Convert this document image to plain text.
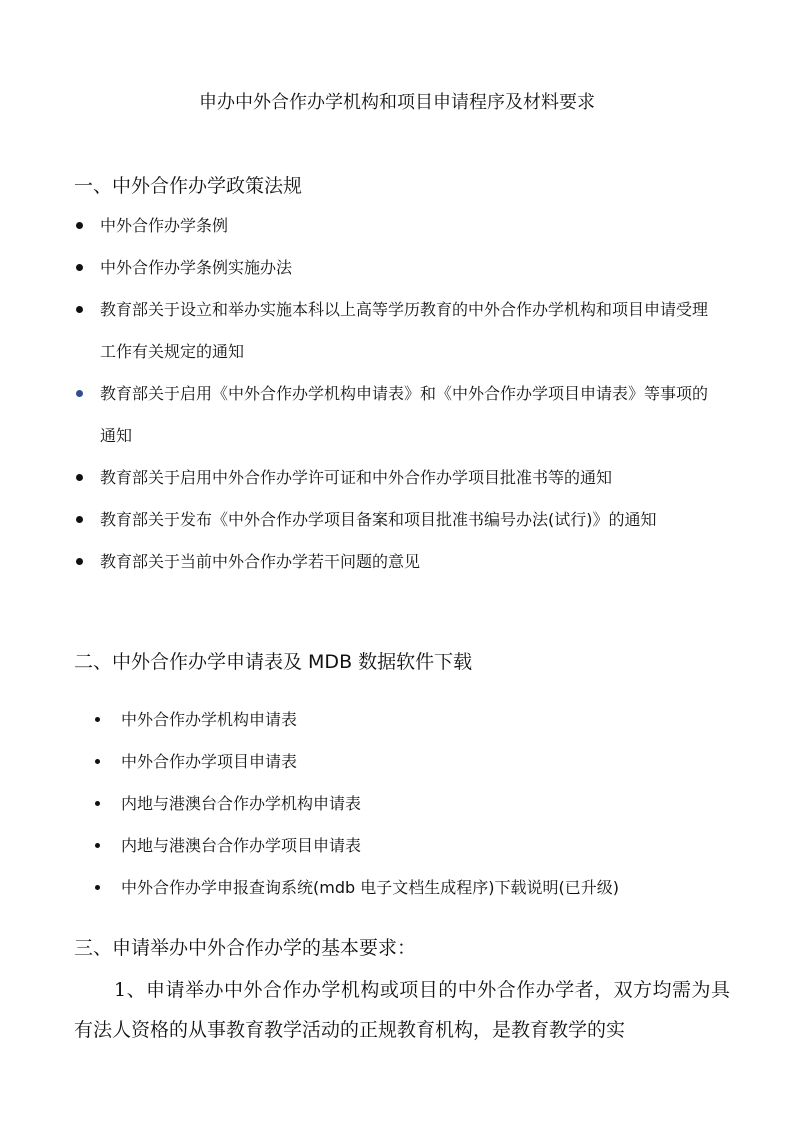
申办中外合作办学机构和项目申请程序及材料要求
一、中外合作办学政策法规
中外合作办学条例
中外合作办学条例实施办法
教育部关于设立和举办实施本科以上高等学历教育的中外合作办学机构和项目申请受理工作有关规定的通知
教育部关于启用《中外合作办学机构申请表》和《中外合作办学项目申请表》等事项的通知
教育部关于启用中外合作办学许可证和中外合作办学项目批准书等的通知
教育部关于发布《中外合作办学项目备案和项目批准书编号办法(试行)》的通知
教育部关于当前中外合作办学若干问题的意见
二、中外合作办学申请表及 MDB 数据软件下载
中外合作办学机构申请表
中外合作办学项目申请表
内地与港澳台合作办学机构申请表
内地与港澳台合作办学项目申请表
中外合作办学申报查询系统(mdb 电子文档生成程序)下载说明(已升级)
三、申请举办中外合作办学的基本要求：
1、申请举办中外合作办学机构或项目的中外合作办学者，双方均需为具有法人资格的从事教育教学活动的正规教育机构，是教育教学的实
